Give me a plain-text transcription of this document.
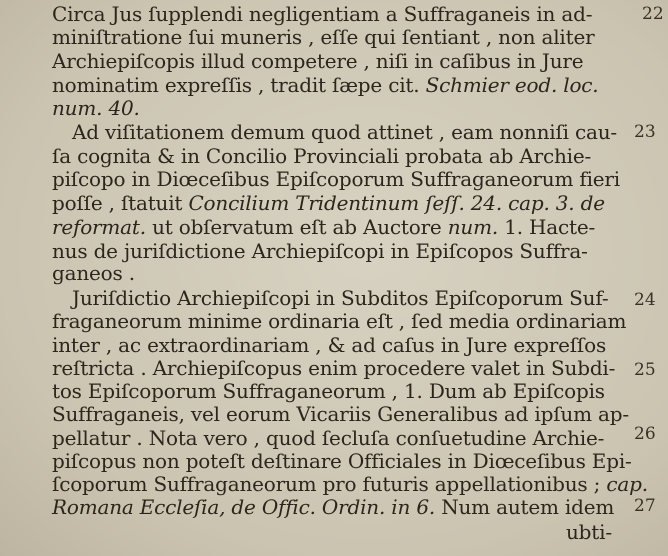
Circa Jus ſupplendi negligentiam a Suffraganeis in ad-
miniſtratione ſui muneris , eſſe qui ſentiant , non aliter
Archiepiſcopis illud competere , niſi in caſibus in Jure
nominatim expreſſis , tradit ſæpe cit. Schmier eod. loc.
num. 40.
22
Ad viſitationem demum quod attinet , eam nonniſi cau-
ſa cognita & in Concilio Provinciali probata ab Archie-
piſcopo in Diœceſibus Epiſcoporum Suffraganeorum fieri
poſſe , ſtatuit Concilium Tridentinum ſeſſ. 24. cap. 3. de
reformat. ut obſervatum eſt ab Auctore num. 1. Hacte-
nus de juriſdictione Archiepiſcopi in Epiſcopos Suffra-
ganeos .
23
Juriſdictio Archiepiſcopi in Subditos Epiſcoporum Suf-
fraganeorum minime ordinaria eſt , ſed media ordinariam
inter , ac extraordinariam , & ad caſus in Jure expreſſos
reſtricta . Archiepiſcopus enim procedere valet in Subdi-
tos Epiſcoporum Suffraganeorum , 1. Dum ab Epiſcopis
Suffraganeis, vel eorum Vicariis Generalibus ad ipſum ap-
pellatur . Nota vero , quod ſecluſa conſuetudine Archie-
piſcopus non poteſt deſtinare Officiales in Diœceſibus Epi-
ſcoporum Suffraganeorum pro futuris appellationibus ; cap.
Romana Eccleſia, de Offic. Ordin. in 6. Num autem idem
ubti-
24
25
26
27
